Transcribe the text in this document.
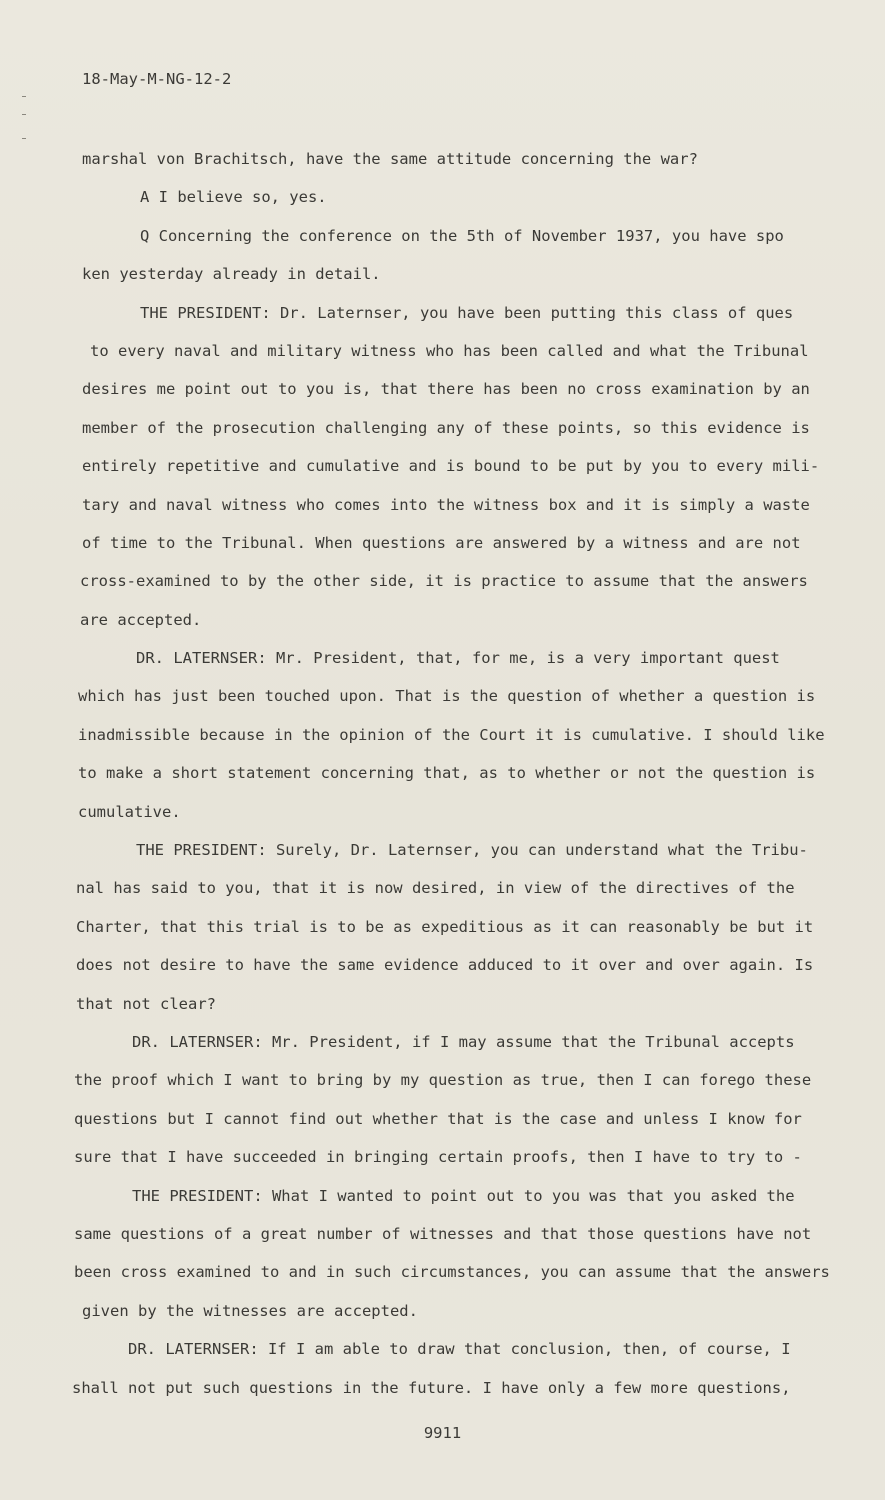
18-May-M-NG-12-2
marshal von Brachitsch, have the same attitude concerning the war?
A I believe so, yes.
Q Concerning the conference on the 5th of November 1937, you have spo
ken yesterday already in detail.
THE PRESIDENT: Dr. Laternser, you have been putting this class of ques
to every naval and military witness who has been called and what the Tribunal
desires me point out to you is, that there has been no cross examination by an
member of the prosecution challenging any of these points, so this evidence is
entirely repetitive and cumulative and is bound to be put by you to every mili-
tary and naval witness who comes into the witness box and it is simply a waste
of time to the Tribunal. When questions are answered by a witness and are not
cross-examined to by the other side, it is practice to assume that the answers
are accepted.
DR. LATERNSER: Mr. President, that, for me, is a very important quest
which has just been touched upon. That is the question of whether a question is
inadmissible because in the opinion of the Court it is cumulative. I should like
to make a short statement concerning that, as to whether or not the question is
cumulative.
THE PRESIDENT: Surely, Dr. Laternser, you can understand what the Tribu-
nal has said to you, that it is now desired, in view of the directives of the
Charter, that this trial is to be as expeditious as it can reasonably be but it
does not desire to have the same evidence adduced to it over and over again. Is
that not clear?
DR. LATERNSER: Mr. President, if I may assume that the Tribunal accepts
the proof which I want to bring by my question as true, then I can forego these
questions but I cannot find out whether that is the case and unless I know for
sure that I have succeeded in bringing certain proofs, then I have to try to -
THE PRESIDENT: What I wanted to point out to you was that you asked the
same questions of a great number of witnesses and that those questions have not
been cross examined to and in such circumstances, you can assume that the answers
given by the witnesses are accepted.
DR. LATERNSER: If I am able to draw that conclusion, then, of course, I
shall not put such questions in the future. I have only a few more questions,
9911
